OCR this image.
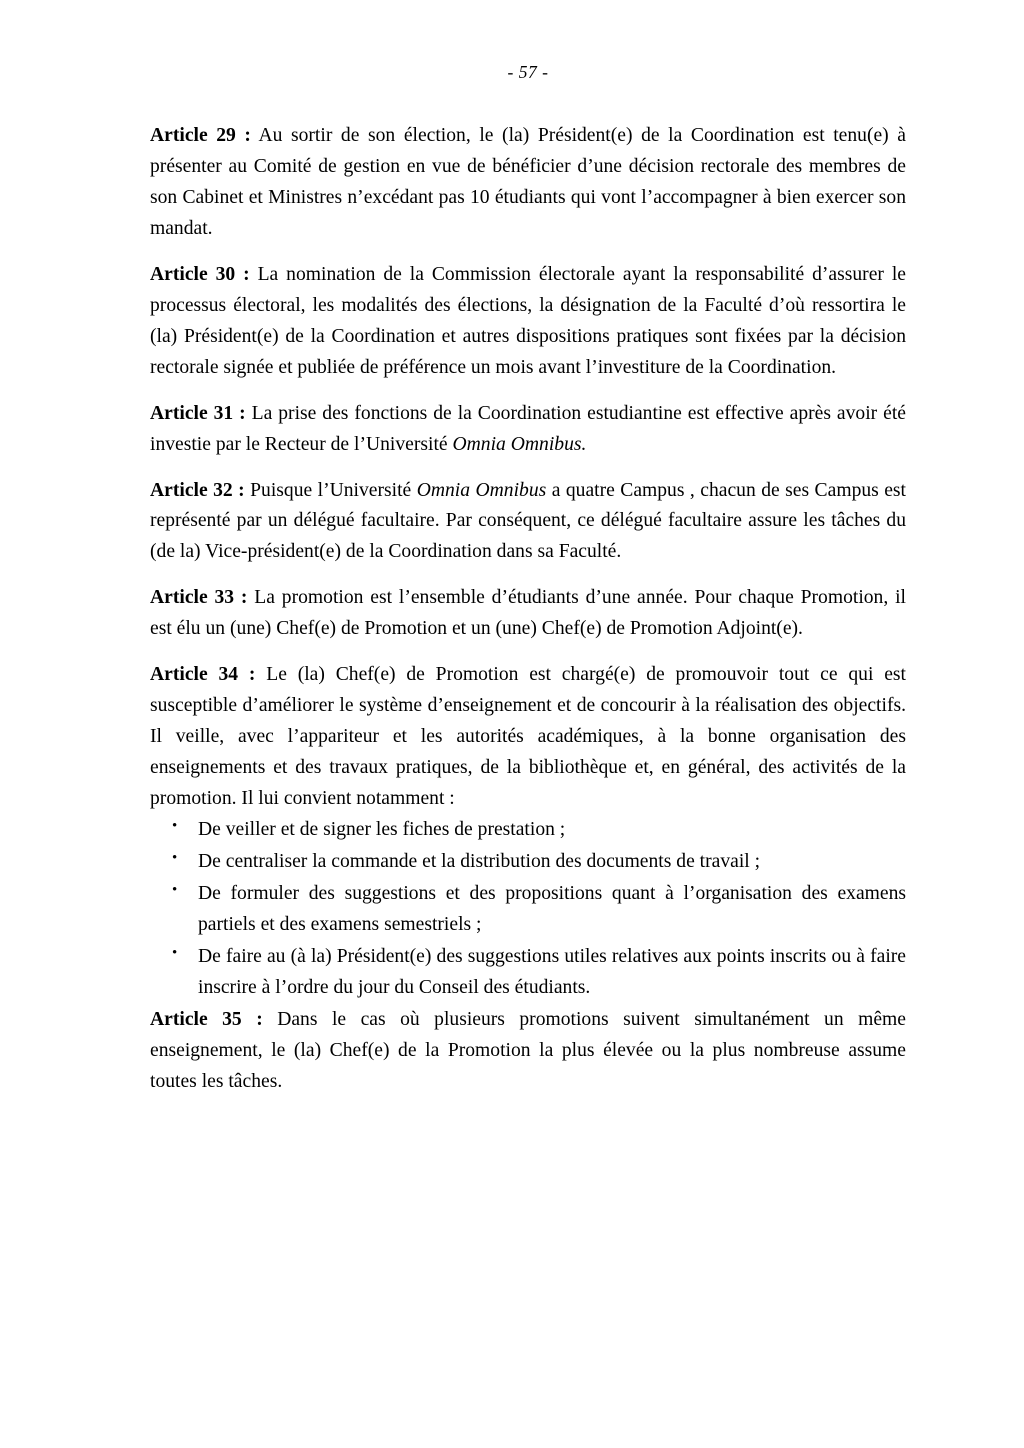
- 57 -

Article 29 : Au sortir de son élection, le (la) Président(e) de la Coordination est tenu(e) à présenter au Comité de gestion en vue de bénéficier d’une décision rectorale des membres de son Cabinet et Ministres n’excédant pas 10 étudiants qui vont l’accompagner à bien exercer son mandat.

Article 30 : La nomination de la Commission électorale ayant la responsabilité d’assurer le processus électoral, les modalités des élections, la désignation de la Faculté d’où ressortira le (la) Président(e) de la Coordination et autres dispositions pratiques sont fixées par la décision rectorale signée et publiée de préférence un mois avant l’investiture de la Coordination.

Article 31 : La prise des fonctions de la Coordination estudiantine est effective après avoir été investie par le Recteur de l’Université Omnia Omnibus.

Article 32 : Puisque l’Université Omnia Omnibus a quatre Campus , chacun de ses Campus est représenté par un délégué facultaire. Par conséquent, ce délégué facultaire assure les tâches du (de la) Vice-président(e) de la Coordination dans sa Faculté.

Article 33 : La promotion est l’ensemble d’étudiants d’une année. Pour chaque Promotion, il est élu un (une) Chef(e) de Promotion et un (une) Chef(e) de Promotion Adjoint(e).

Article 34 : Le (la) Chef(e) de Promotion est chargé(e) de promouvoir tout ce qui est susceptible d’améliorer le système d’enseignement et de concourir à la réalisation des objectifs. Il veille, avec l’appariteur et les autorités académiques, à la bonne organisation des enseignements et des travaux pratiques, de la bibliothèque et, en général, des activités de la promotion. Il lui convient notamment :

• De veiller et de signer les fiches de prestation ;
• De centraliser la commande et la distribution des documents de travail ;
• De formuler des suggestions et des propositions quant à l’organisation des examens partiels et des examens semestriels ;
• De faire au (à la) Président(e) des suggestions utiles relatives aux points inscrits ou à faire inscrire à l’ordre du jour du Conseil des étudiants.

Article 35 : Dans le cas où plusieurs promotions suivent simultanément un même enseignement, le (la) Chef(e) de la Promotion la plus élevée ou la plus nombreuse assume toutes les tâches.
